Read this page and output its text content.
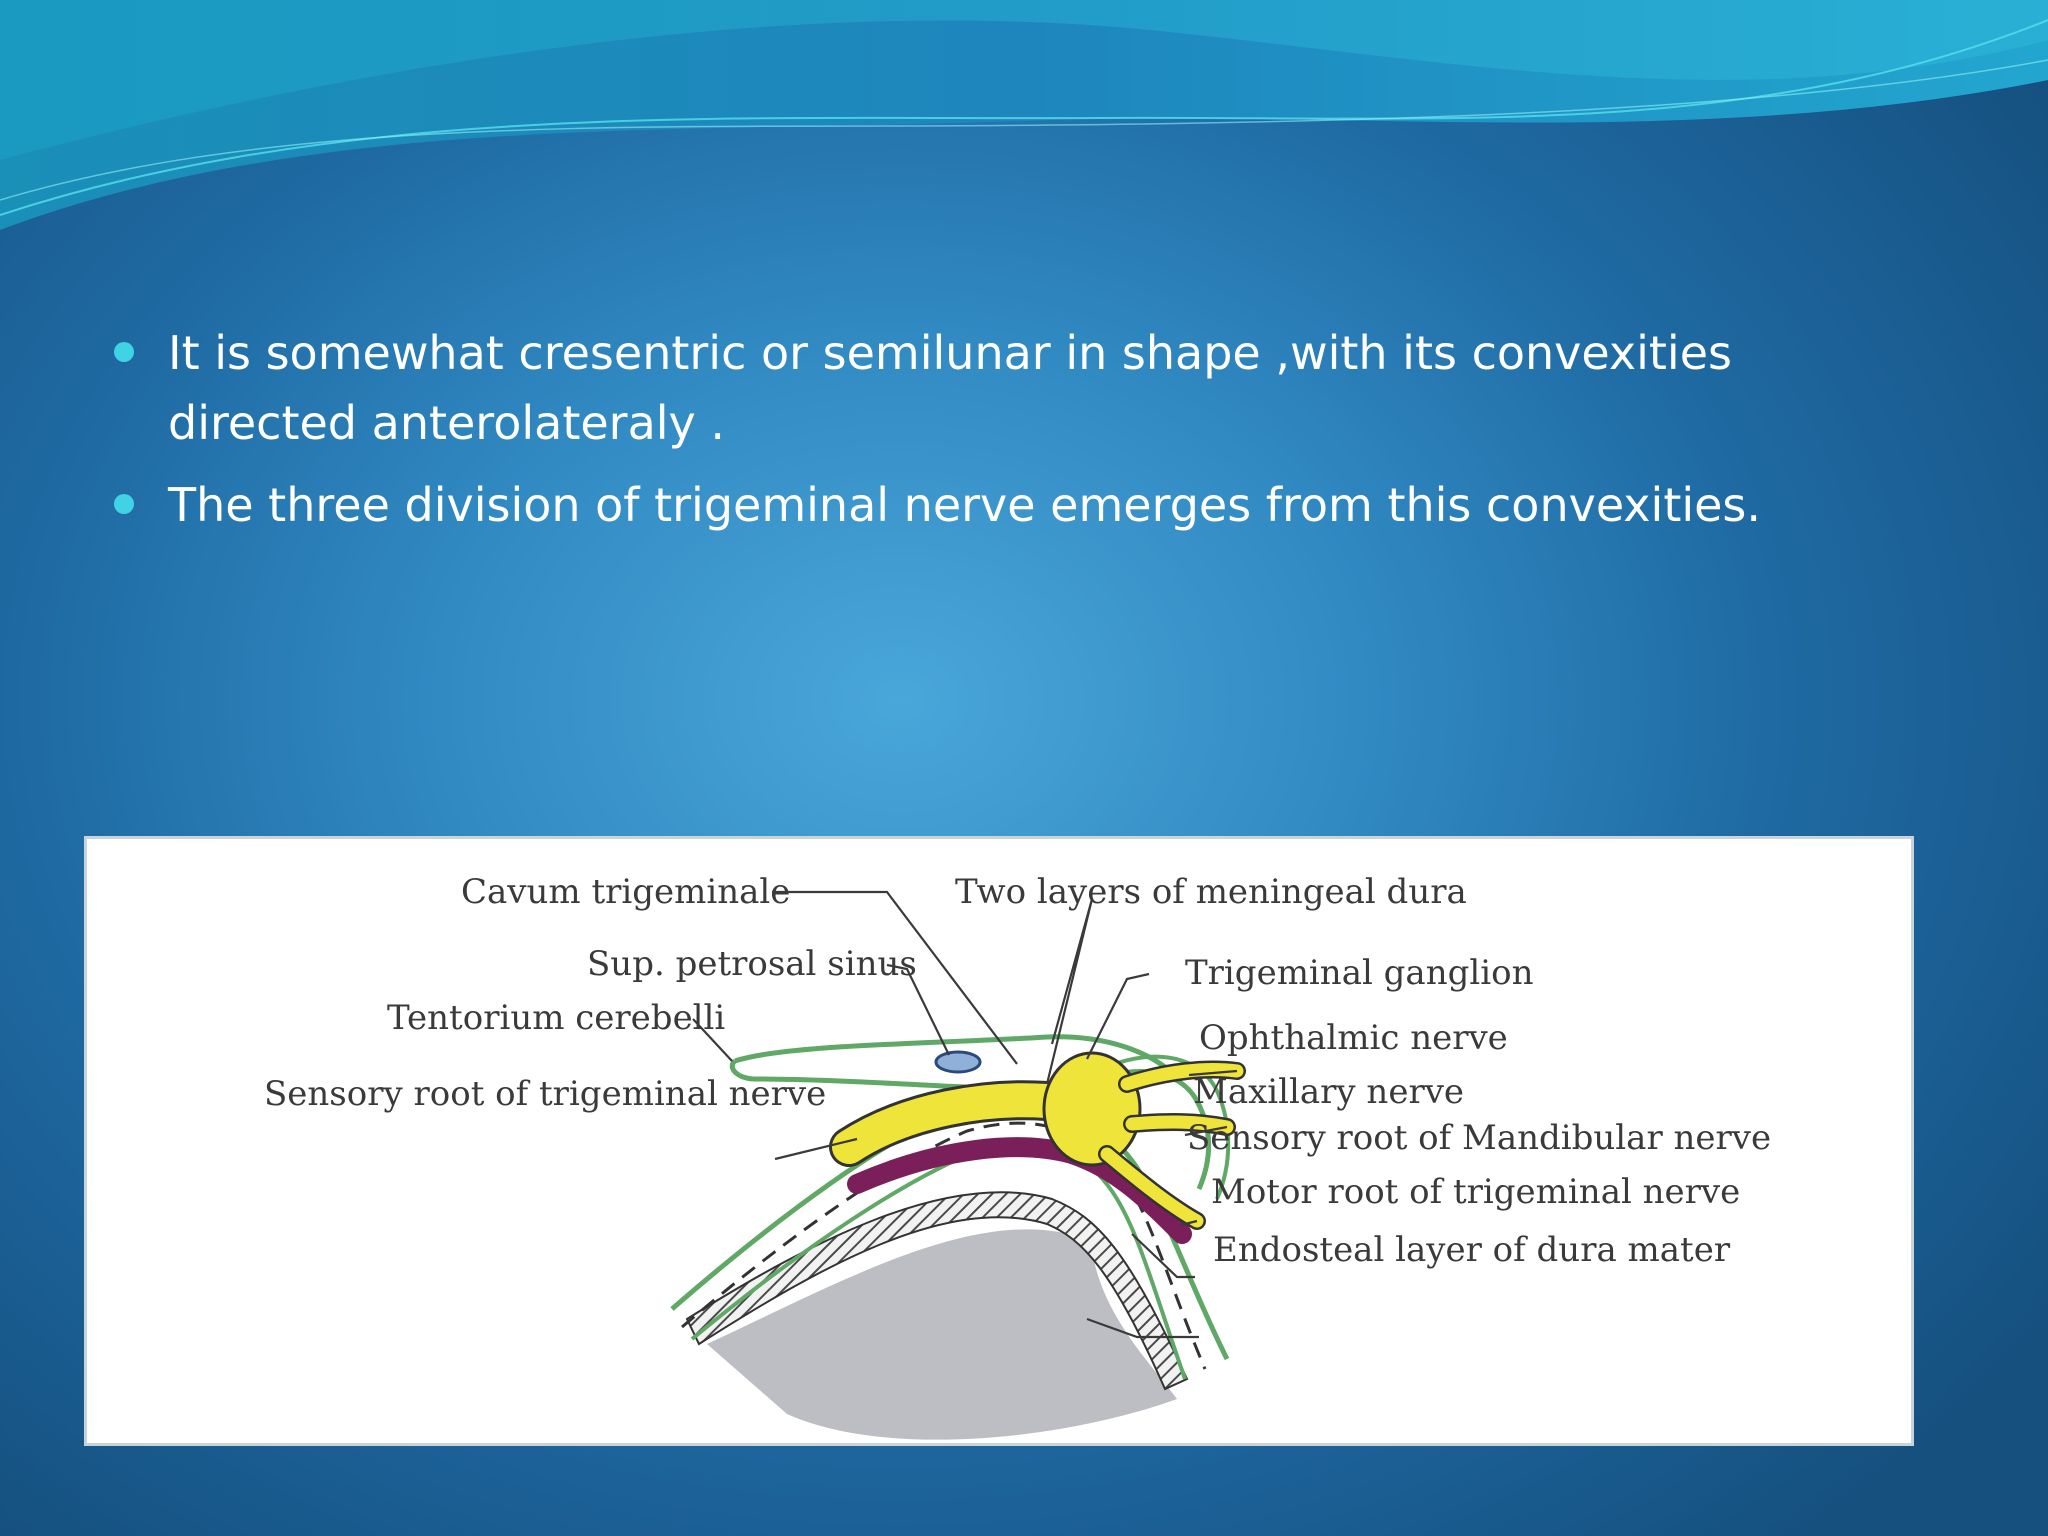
It is somewhat cresentric or semilunar in shape ,with its convexities directed anterolateraly .
The three division of trigeminal nerve emerges from this convexities.
Cavum trigeminale	Two layers of meningeal dura
Sup. petrosal sinus
Tentorium cerebelli
Sensory root of trigeminal nerve
Trigeminal ganglion
Ophthalmic nerve
Maxillary nerve
Sensory root of Mandibular nerve
Motor root of trigeminal nerve
Endosteal layer of dura mater
